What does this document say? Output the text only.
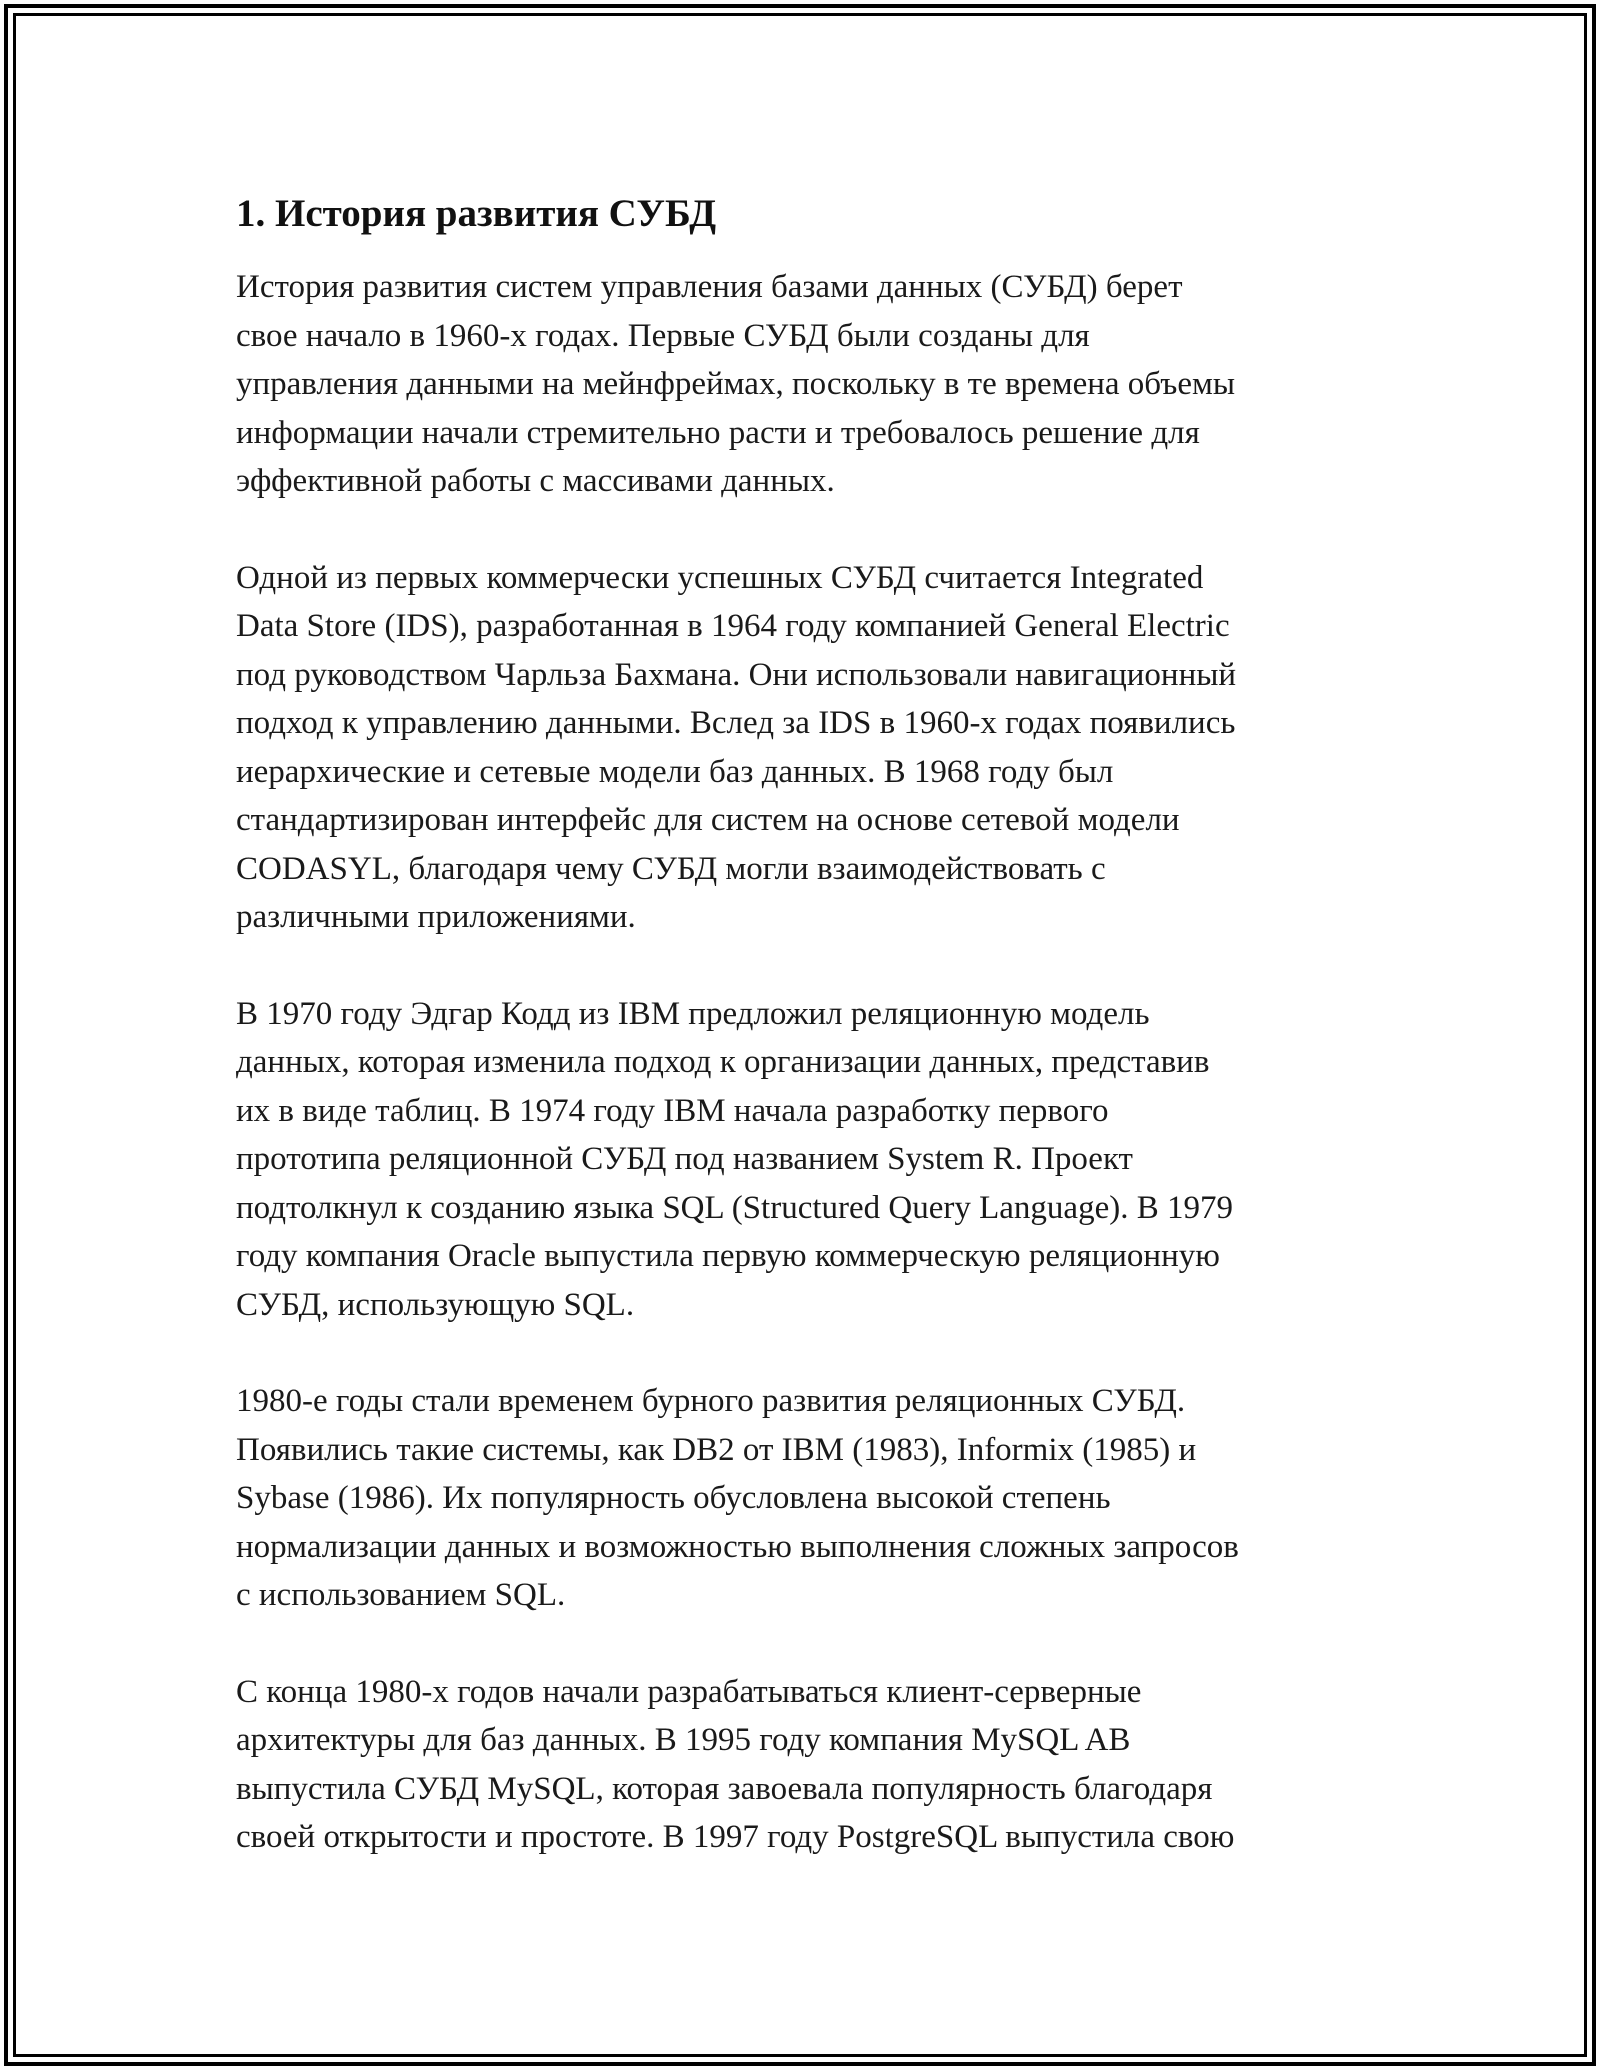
1. История развития СУБД

История развития систем управления базами данных (СУБД) берет
свое начало в 1960-х годах. Первые СУБД были созданы для
управления данными на мейнфреймах, поскольку в те времена объемы
информации начали стремительно расти и требовалось решение для
эффективной работы с массивами данных.

Одной из первых коммерчески успешных СУБД считается Integrated
Data Store (IDS), разработанная в 1964 году компанией General Electric
под руководством Чарльза Бахмана. Они использовали навигационный
подход к управлению данными. Вслед за IDS в 1960-х годах появились
иерархические и сетевые модели баз данных. В 1968 году был
стандартизирован интерфейс для систем на основе сетевой модели
CODASYL, благодаря чему СУБД могли взаимодействовать с
различными приложениями.

В 1970 году Эдгар Кодд из IBM предложил реляционную модель
данных, которая изменила подход к организации данных, представив
их в виде таблиц. В 1974 году IBM начала разработку первого
прототипа реляционной СУБД под названием System R. Проект
подтолкнул к созданию языка SQL (Structured Query Language). В 1979
году компания Oracle выпустила первую коммерческую реляционную
СУБД, использующую SQL.

1980-е годы стали временем бурного развития реляционных СУБД.
Появились такие системы, как DB2 от IBM (1983), Informix (1985) и
Sybase (1986). Их популярность обусловлена высокой степень
нормализации данных и возможностью выполнения сложных запросов
с использованием SQL.

С конца 1980-х годов начали разрабатываться клиент-серверные
архитектуры для баз данных. В 1995 году компания MySQL AB
выпустила СУБД MySQL, которая завоевала популярность благодаря
своей открытости и простоте. В 1997 году PostgreSQL выпустила свою
